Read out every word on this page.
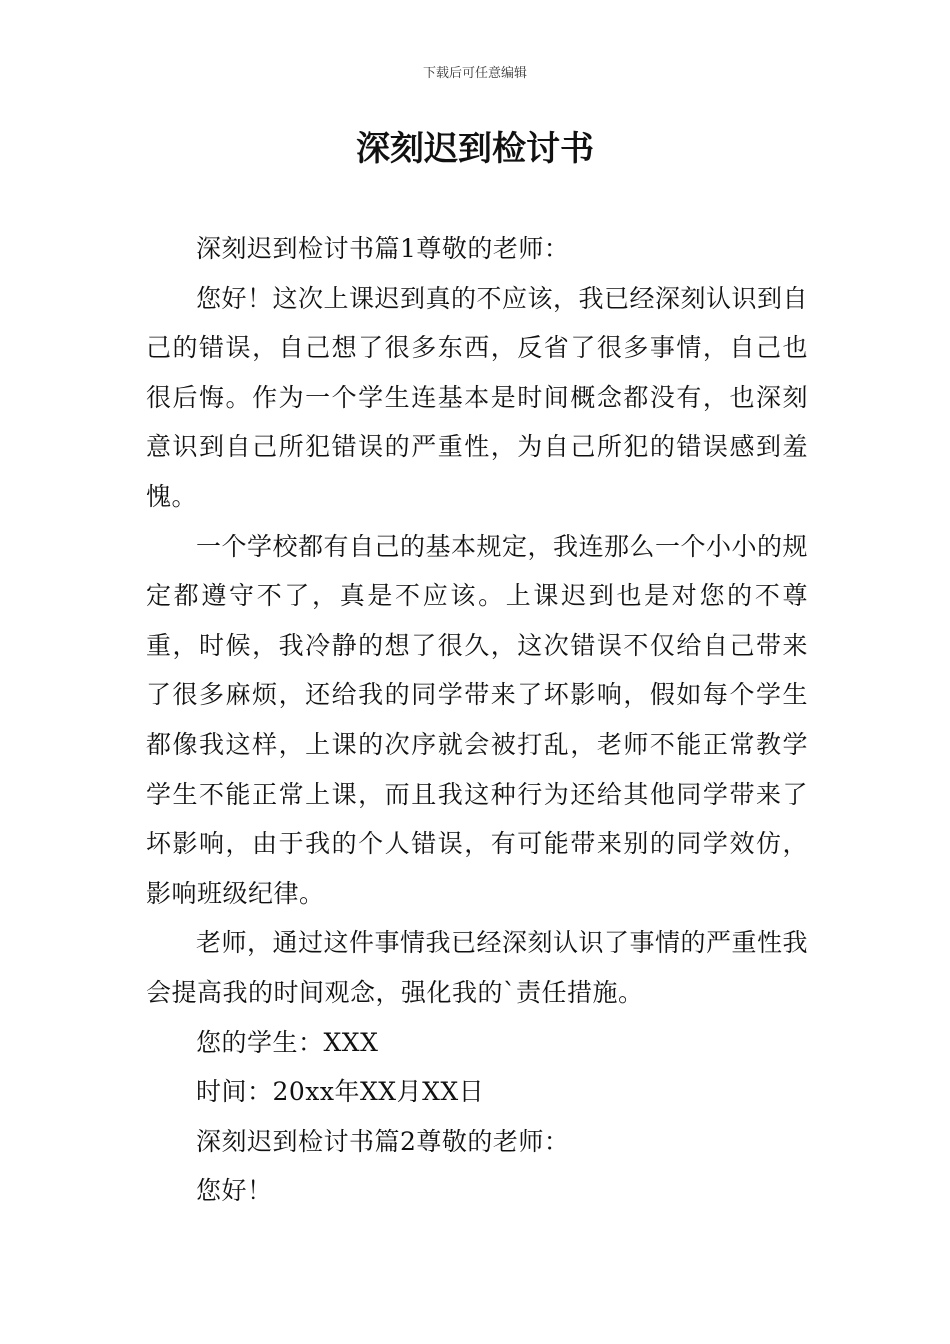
下载后可任意编辑
深刻迟到检讨书

深刻迟到检讨书篇1尊敬的老师：

您好！这次上课迟到真的不应该，我已经深刻认识到自己的错误，自己想了很多东西，反省了很多事情，自己也很后悔。作为一个学生连基本是时间概念都没有，也深刻意识到自己所犯错误的严重性，为自己所犯的错误感到羞愧。

一个学校都有自己的基本规定，我连那么一个小小的规定都遵守不了，真是不应该。上课迟到也是对您的不尊重，时候，我冷静的想了很久，这次错误不仅给自己带来了很多麻烦，还给我的同学带来了坏影响，假如每个学生都像我这样，上课的次序就会被打乱，老师不能正常教学学生不能正常上课，而且我这种行为还给其他同学带来了坏影响，由于我的个人错误，有可能带来别的同学效仿，影响班级纪律。

老师，通过这件事情我已经深刻认识了事情的严重性我会提高我的时间观念，强化我的`责任措施。

您的学生：XXX

时间：20xx年XX月XX日

深刻迟到检讨书篇2尊敬的老师：

您好！
